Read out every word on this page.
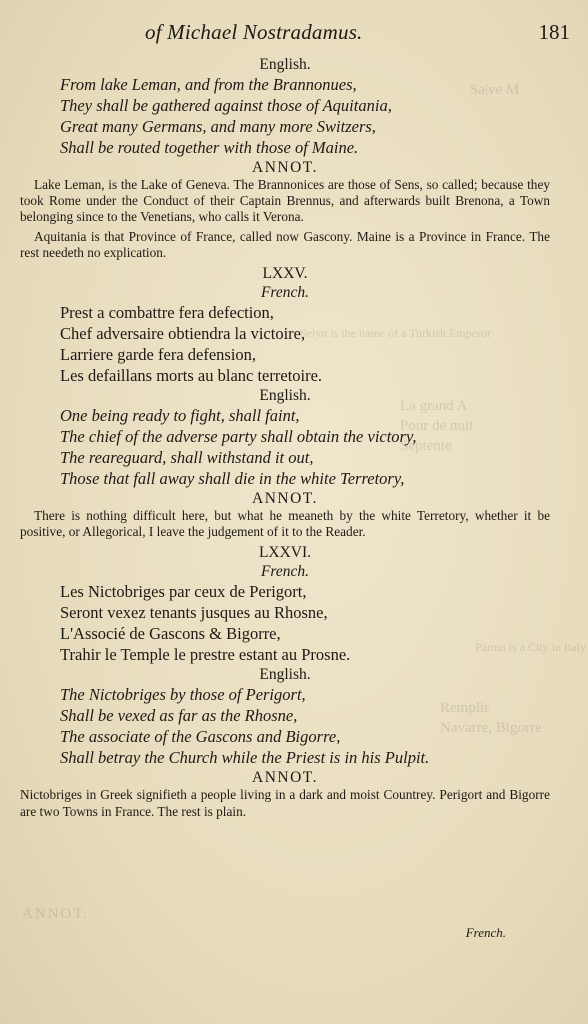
Sa|ve M
Selyn is the name of a Turkish Emperor
La grand A
Pour de nuit
Septente
Parma is a City in Italy
Remplir
Navarre, Bigorre
ANNOT.
of Michael Nostradamus.	181
English.
From lake Leman, and from the Brannonues,
They shall be gathered against those of Aquitania,
Great many Germans, and many more Switzers,
Shall be routed together with those of Maine.
ANNOT.
Lake Leman, is the Lake of Geneva. The Brannonices are those of Sens, so called; because they took Rome under the Conduct of their Captain Brennus, and afterwards built Brenona, a Town belonging since to the Venetians, who calls it Verona.
Aquitania is that Province of France, called now Gascony. Maine is a Province in France. The rest needeth no explication.
LXXV.
French.
Prest a combattre fera defection,
Chef adversaire obtiendra la victoire,
Larriere garde fera defension,
Les defaillans morts au blanc terretoire.
English.
One being ready to fight, shall faint,
The chief of the adverse party shall obtain the victory,
The reareguard, shall withstand it out,
Those that fall away shall die in the white Terretory,
ANNOT.
There is nothing difficult here, but what he meaneth by the white Terretory, whether it be positive, or Allegorical, I leave the judgement of it to the Reader.
LXXVI.
French.
Les Nictobriges par ceux de Perigort,
Seront vexez tenants jusques au Rhosne,
L'Associé de Gascons & Bigorre,
Trahir le Temple le prestre estant au Prosne.
English.
The Nictobriges by those of Perigort,
Shall be vexed as far as the Rhosne,
The associate of the Gascons and Bigorre,
Shall betray the Church while the Priest is in his Pulpit.
ANNOT.
Nictobriges in Greek signifieth a people living in a dark and moist Countrey. Perigort and Bigorre are two Towns in France. The rest is plain.
French.
